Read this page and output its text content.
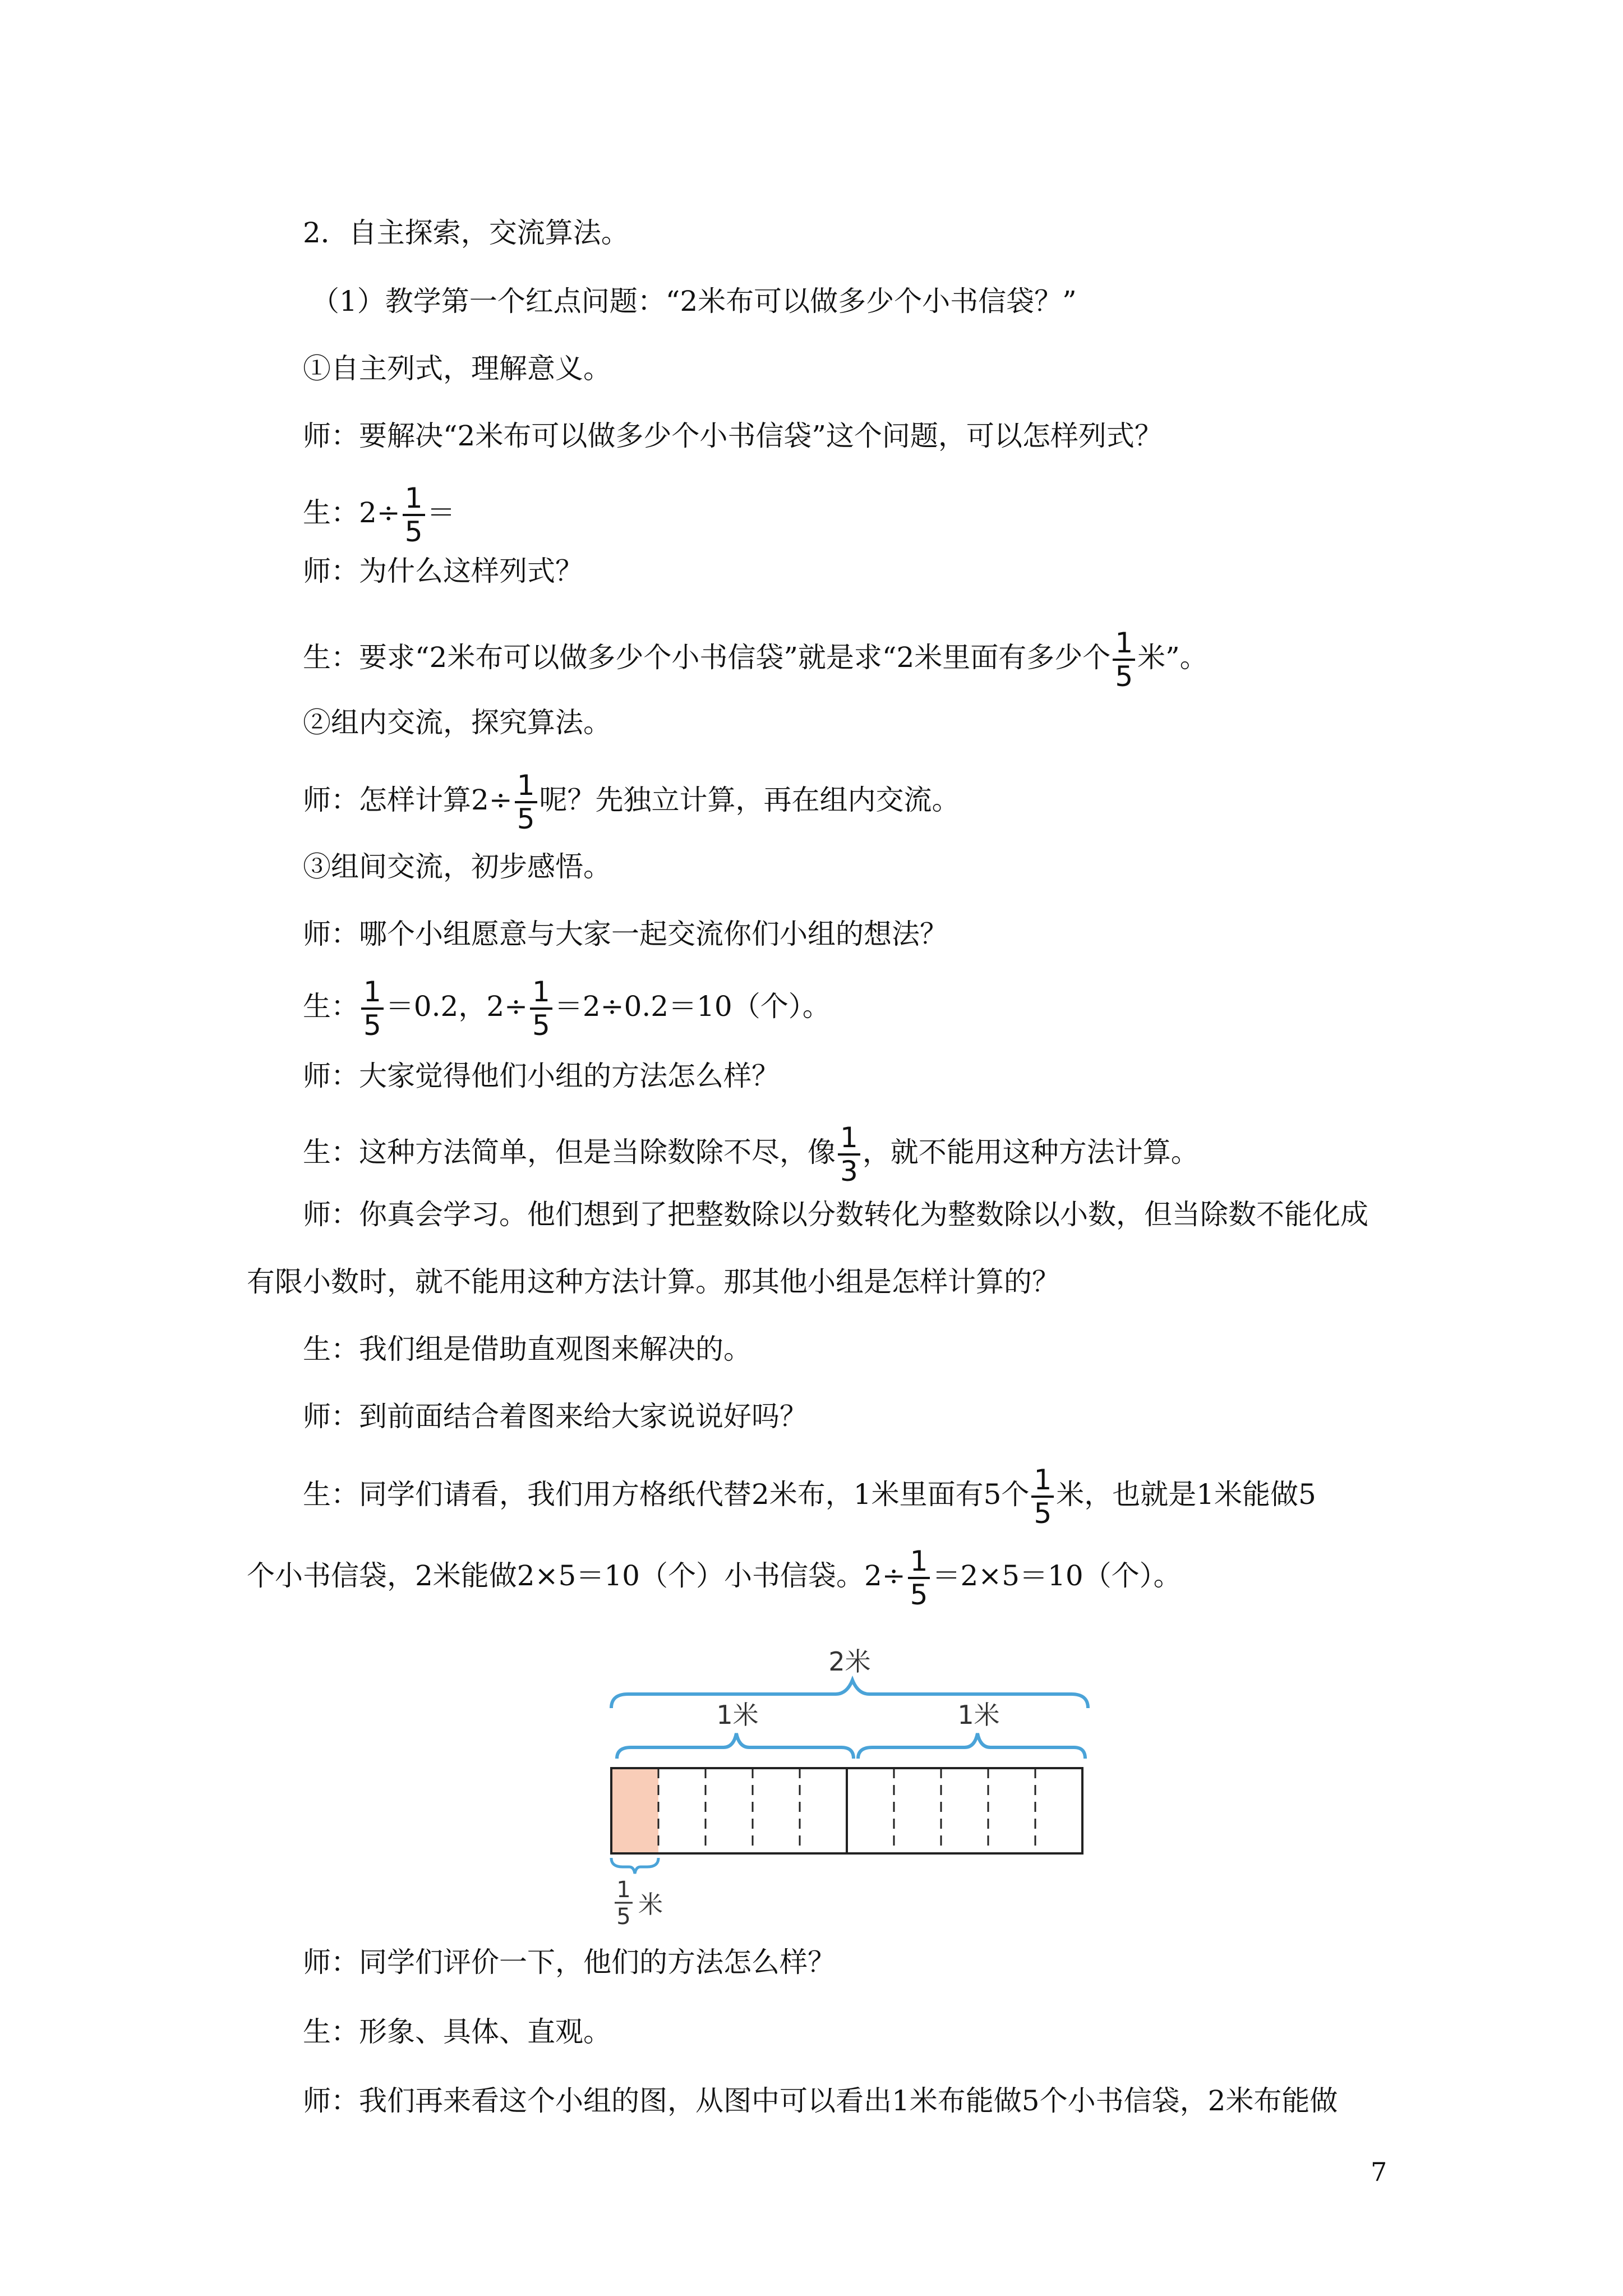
2．自主探索，交流算法。
（1）教学第一个红点问题：“2米布可以做多少个小书信袋？”
①自主列式，理解意义。
师：要解决“2米布可以做多少个小书信袋”这个问题，可以怎样列式？
生：$2\div \frac{1}{5}$ ＝
师：为什么这样列式？
生：要求“2米布可以做多少个小书信袋”就是求“2米里面有多少个 $\frac{1}{5}$ 米”。
②组内交流，探究算法。
师：怎样计算$2\div \frac{1}{5}$ 呢？先独立计算，再在组内交流。
③组间交流，初步感悟。
师：哪个小组愿意与大家一起交流你们小组的想法？
生： $\frac{1}{5} =0.2$，$2\div \frac{1}{5} =2\div 0.2=10$（个）。
师：大家觉得他们小组的方法怎么样？
生：这种方法简单，但是当除数除不尽，像 $\frac{1}{3}$ ，就不能用这种方法计算。
师：你真会学习。他们想到了把整数除以分数转化为整数除以小数，但当除数不能化成
有限小数时，就不能用这种方法计算。那其他小组是怎样计算的？
生：我们组是借助直观图来解决的。
师：到前面结合着图来给大家说说好吗？
生：同学们请看，我们用方格纸代替2米布，1米里面有5个 $\frac{1}{5}$ 米，也就是1米能做5
个小书信袋，2米能做2×5＝10（个）小书信袋。$2\div \frac{1}{5} =2\times 5=10$（个）。
2米
1米	1米
1
5 米
师：同学们评价一下，他们的方法怎么样？
生：形象、具体、直观。
师：我们再来看这个小组的图，从图中可以看出1米布能做5个小书信袋，2米布能做
7
